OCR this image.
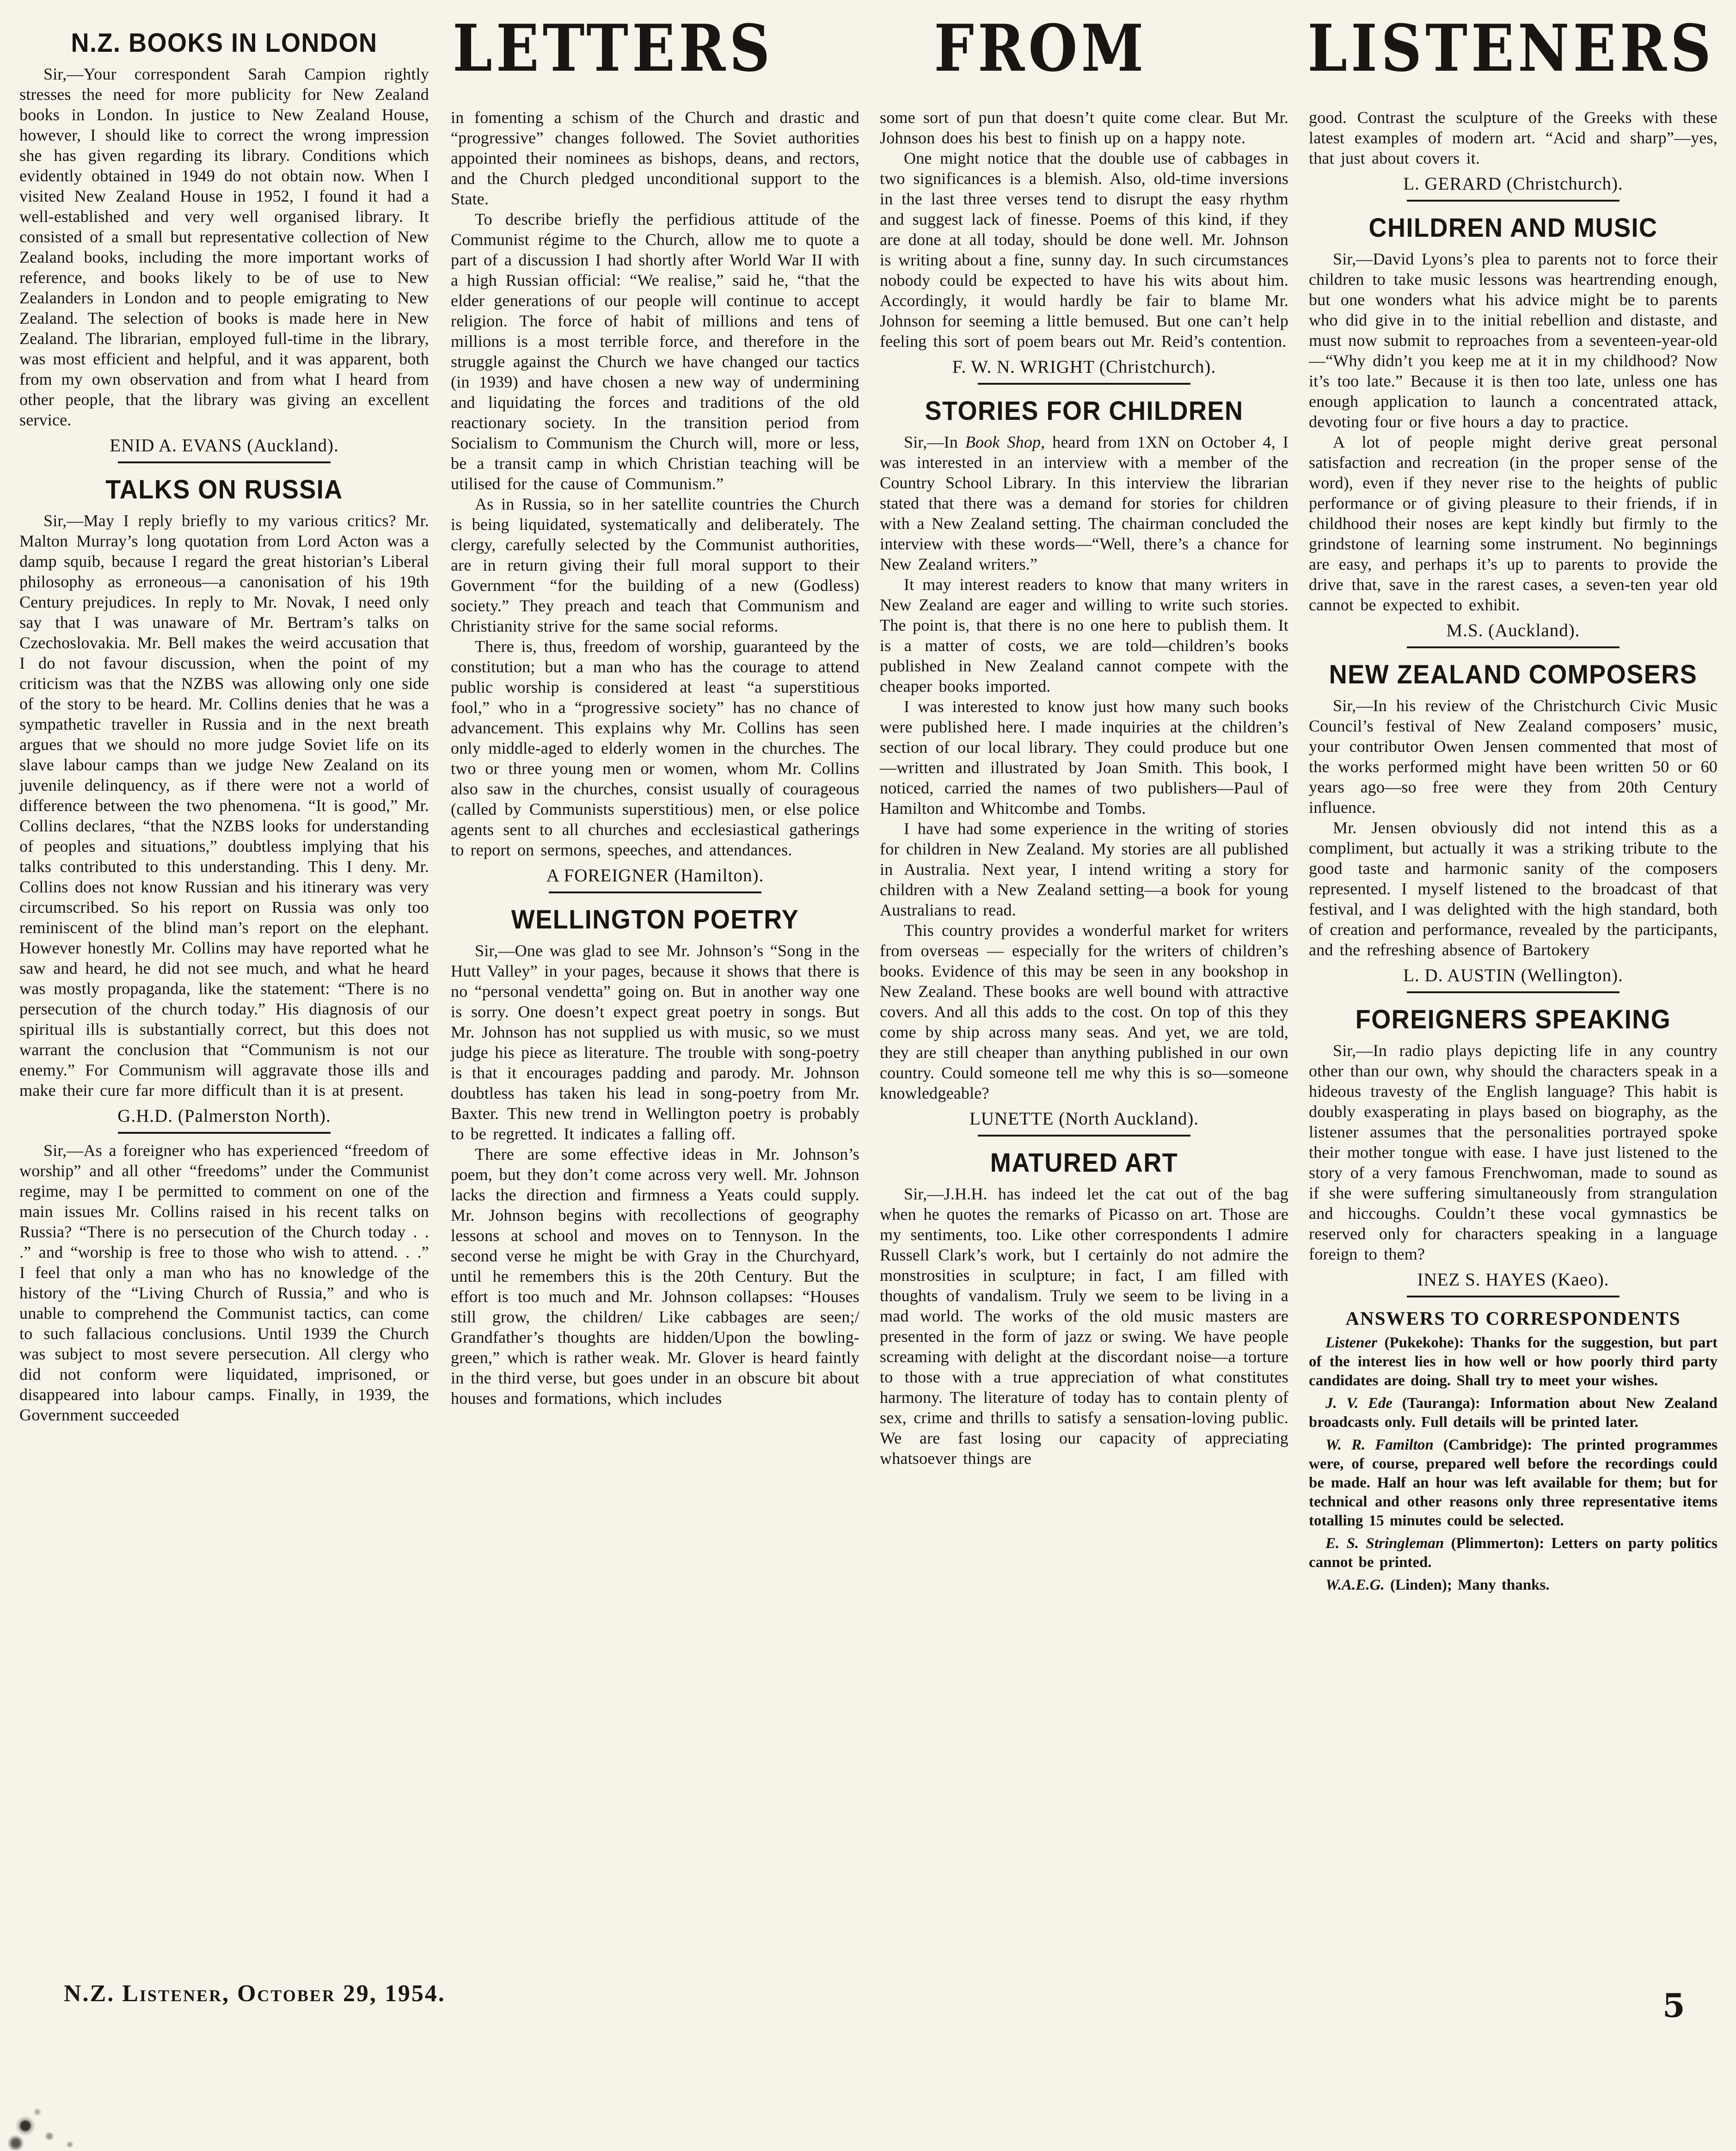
N.Z. BOOKS IN LONDON

Sir,—Your correspondent Sarah Campion rightly stresses the need for more publicity for New Zealand books in London. In justice to New Zealand House, however, I should like to correct the wrong impression she has given regarding its library. Conditions which evidently obtained in 1949 do not obtain now. When I visited New Zealand House in 1952, I found it had a well-established and very well organised library. It consisted of a small but representative collection of New Zealand books, including the more important works of reference, and books likely to be of use to New Zealanders in London and to people emigrating to New Zealand. The selection of books is made here in New Zealand. The librarian, employed full-time in the library, was most efficient and helpful, and it was apparent, both from my own observation and from what I heard from other people, that the library was giving an excellent service.

ENID A. EVANS (Auckland).
TALKS ON RUSSIA

Sir,—May I reply briefly to my various critics? Mr. Malton Murray’s long quotation from Lord Acton was a damp squib, because I regard the great historian’s Liberal philosophy as erroneous—a canonisation of his 19th Century prejudices. In reply to Mr. Novak, I need only say that I was unaware of Mr. Bertram’s talks on Czechoslovakia. Mr. Bell makes the weird accusation that I do not favour discussion, when the point of my criticism was that the NZBS was allowing only one side of the story to be heard. Mr. Collins denies that he was a sympathetic traveller in Russia and in the next breath argues that we should no more judge Soviet life on its slave labour camps than we judge New Zealand on its juvenile delinquency, as if there were not a world of difference between the two phenomena. “It is good,” Mr. Collins declares, “that the NZBS looks for understanding of peoples and situations,” doubtless implying that his talks contributed to this understanding. This I deny. Mr. Collins does not know Russian and his itinerary was very circumscribed. So his report on Russia was only too reminiscent of the blind man’s report on the elephant. However honestly Mr. Collins may have reported what he saw and heard, he did not see much, and what he heard was mostly propaganda, like the statement: “There is no persecution of the church today.” His diagnosis of our spiritual ills is substantially correct, but this does not warrant the conclusion that “Communism is not our enemy.” For Communism will aggravate those ills and make their cure far more difficult than it is at present.

G.H.D. (Palmerston North).

Sir,—As a foreigner who has experienced “freedom of worship” and all other “freedoms” under the Communist regime, may I be permitted to comment on one of the main issues Mr. Collins raised in his recent talks on Russia? “There is no persecution of the Church today . . .” and “worship is free to those who wish to attend. . .” I feel that only a man who has no knowledge of the history of the “Living Church of Russia,” and who is unable to comprehend the Communist tactics, can come to such fallacious conclusions. Until 1939 the Church was subject to most severe persecution. All clergy who did not conform were liquidated, imprisoned, or disappeared into labour camps. Finally, in 1939, the Government succeeded

LETTERS	FROM	LISTENERS

in fomenting a schism of the Church and drastic and “progressive” changes followed. The Soviet authorities appointed their nominees as bishops, deans, and rectors, and the Church pledged unconditional support to the State.

To describe briefly the perfidious attitude of the Communist régime to the Church, allow me to quote a part of a discussion I had shortly after World War II with a high Russian official: “We realise,” said he, “that the elder generations of our people will continue to accept religion. The force of habit of millions and tens of millions is a most terrible force, and therefore in the struggle against the Church we have changed our tactics (in 1939) and have chosen a new way of undermining and liquidating the forces and traditions of the old reactionary society. In the transition period from Socialism to Communism the Church will, more or less, be a transit camp in which Christian teaching will be utilised for the cause of Communism.”

As in Russia, so in her satellite countries the Church is being liquidated, systematically and deliberately. The clergy, carefully selected by the Communist authorities, are in return giving their full moral support to their Government “for the building of a new (Godless) society.” They preach and teach that Communism and Christianity strive for the same social reforms.

There is, thus, freedom of worship, guaranteed by the constitution; but a man who has the courage to attend public worship is considered at least “a superstitious fool,” who in a “progressive society” has no chance of advancement. This explains why Mr. Collins has seen only middle-aged to elderly women in the churches. The two or three young men or women, whom Mr. Collins also saw in the churches, consist usually of courageous (called by Communists superstitious) men, or else police agents sent to all churches and ecclesiastical gatherings to report on sermons, speeches, and attendances.

A FOREIGNER (Hamilton).
WELLINGTON POETRY

Sir,—One was glad to see Mr. Johnson’s “Song in the Hutt Valley” in your pages, because it shows that there is no “personal vendetta” going on. But in another way one is sorry. One doesn’t expect great poetry in songs. But Mr. Johnson has not supplied us with music, so we must judge his piece as literature. The trouble with song-poetry is that it encourages padding and parody. Mr. Johnson doubtless has taken his lead in song-poetry from Mr. Baxter. This new trend in Wellington poetry is probably to be regretted. It indicates a falling off.

There are some effective ideas in Mr. Johnson’s poem, but they don’t come across very well. Mr. Johnson lacks the direction and firmness a Yeats could supply. Mr. Johnson begins with recollections of geography lessons at school and moves on to Tennyson. In the second verse he might be with Gray in the Churchyard, until he remembers this is the 20th Century. But the effort is too much and Mr. Johnson collapses: “Houses still grow, the children/ Like cabbages are seen;/ Grandfather’s thoughts are hidden/Upon the bowling-green,” which is rather weak. Mr. Glover is heard faintly in the third verse, but goes under in an obscure bit about houses and formations, which includes

some sort of pun that doesn’t quite come clear. But Mr. Johnson does his best to finish up on a happy note.

One might notice that the double use of cabbages in two significances is a blemish. Also, old-time inversions in the last three verses tend to disrupt the easy rhythm and suggest lack of finesse. Poems of this kind, if they are done at all today, should be done well. Mr. Johnson is writing about a fine, sunny day. In such circumstances nobody could be expected to have his wits about him. Accordingly, it would hardly be fair to blame Mr. Johnson for seeming a little bemused. But one can’t help feeling this sort of poem bears out Mr. Reid’s contention.

F. W. N. WRIGHT (Christchurch).
STORIES FOR CHILDREN

Sir,—In Book Shop, heard from 1XN on October 4, I was interested in an interview with a member of the Country School Library. In this interview the librarian stated that there was a demand for stories for children with a New Zealand setting. The chairman concluded the interview with these words—“Well, there’s a chance for New Zealand writers.”

It may interest readers to know that many writers in New Zealand are eager and willing to write such stories. The point is, that there is no one here to publish them. It is a matter of costs, we are told—children’s books published in New Zealand cannot compete with the cheaper books imported.

I was interested to know just how many such books were published here. I made inquiries at the children’s section of our local library. They could produce but one—written and illustrated by Joan Smith. This book, I noticed, carried the names of two publishers—Paul of Hamilton and Whitcombe and Tombs.

I have had some experience in the writing of stories for children in New Zealand. My stories are all published in Australia. Next year, I intend writing a story for children with a New Zealand setting—a book for young Australians to read.

This country provides a wonderful market for writers from overseas — especially for the writers of children’s books. Evidence of this may be seen in any bookshop in New Zealand. These books are well bound with attractive covers. And all this adds to the cost. On top of this they come by ship across many seas. And yet, we are told, they are still cheaper than anything published in our own country. Could someone tell me why this is so—someone knowledgeable?

LUNETTE (North Auckland).
MATURED ART

Sir,—J.H.H. has indeed let the cat out of the bag when he quotes the remarks of Picasso on art. Those are my sentiments, too. Like other correspondents I admire Russell Clark’s work, but I certainly do not admire the monstrosities in sculpture; in fact, I am filled with thoughts of vandalism. Truly we seem to be living in a mad world. The works of the old music masters are presented in the form of jazz or swing. We have people screaming with delight at the discordant noise—a torture to those with a true appreciation of what constitutes harmony. The literature of today has to contain plenty of sex, crime and thrills to satisfy a sensation-loving public. We are fast losing our capacity of appreciating whatsoever things are

good. Contrast the sculpture of the Greeks with these latest examples of modern art. “Acid and sharp”—yes, that just about covers it.

L. GERARD (Christchurch).
CHILDREN AND MUSIC

Sir,—David Lyons’s plea to parents not to force their children to take music lessons was heartrending enough, but one wonders what his advice might be to parents who did give in to the initial rebellion and distaste, and must now submit to reproaches from a seventeen-year-old—“Why didn’t you keep me at it in my childhood? Now it’s too late.” Because it is then too late, unless one has enough application to launch a concentrated attack, devoting four or five hours a day to practice.

A lot of people might derive great personal satisfaction and recreation (in the proper sense of the word), even if they never rise to the heights of public performance or of giving pleasure to their friends, if in childhood their noses are kept kindly but firmly to the grindstone of learning some instrument. No beginnings are easy, and perhaps it’s up to parents to provide the drive that, save in the rarest cases, a seven-ten year old cannot be expected to exhibit.

M.S. (Auckland).
NEW ZEALAND COMPOSERS

Sir,—In his review of the Christchurch Civic Music Council’s festival of New Zealand composers’ music, your contributor Owen Jensen commented that most of the works performed might have been written 50 or 60 years ago—so free were they from 20th Century influence.

Mr. Jensen obviously did not intend this as a compliment, but actually it was a striking tribute to the good taste and harmonic sanity of the composers represented. I myself listened to the broadcast of that festival, and I was delighted with the high standard, both of creation and performance, revealed by the participants, and the refreshing absence of Bartokery

L. D. AUSTIN (Wellington).
FOREIGNERS SPEAKING

Sir,—In radio plays depicting life in any country other than our own, why should the characters speak in a hideous travesty of the English language? This habit is doubly exasperating in plays based on biography, as the listener assumes that the personalities portrayed spoke their mother tongue with ease. I have just listened to the story of a very famous Frenchwoman, made to sound as if she were suffering simultaneously from strangulation and hiccoughs. Couldn’t these vocal gymnastics be reserved only for characters speaking in a language foreign to them?

INEZ S. HAYES (Kaeo).
ANSWERS TO CORRESPONDENTS

Listener (Pukekohe): Thanks for the suggestion, but part of the interest lies in how well or how poorly third party candidates are doing. Shall try to meet your wishes.

J. V. Ede (Tauranga): Information about New Zealand broadcasts only. Full details will be printed later.

W. R. Familton (Cambridge): The printed programmes were, of course, prepared well before the recordings could be made. Half an hour was left available for them; but for technical and other reasons only three representative items totalling 15 minutes could be selected.

E. S. Stringleman (Plimmerton): Letters on party politics cannot be printed.

W.A.E.G. (Linden); Many thanks.

N.Z. Listener, October 29, 1954.	5
